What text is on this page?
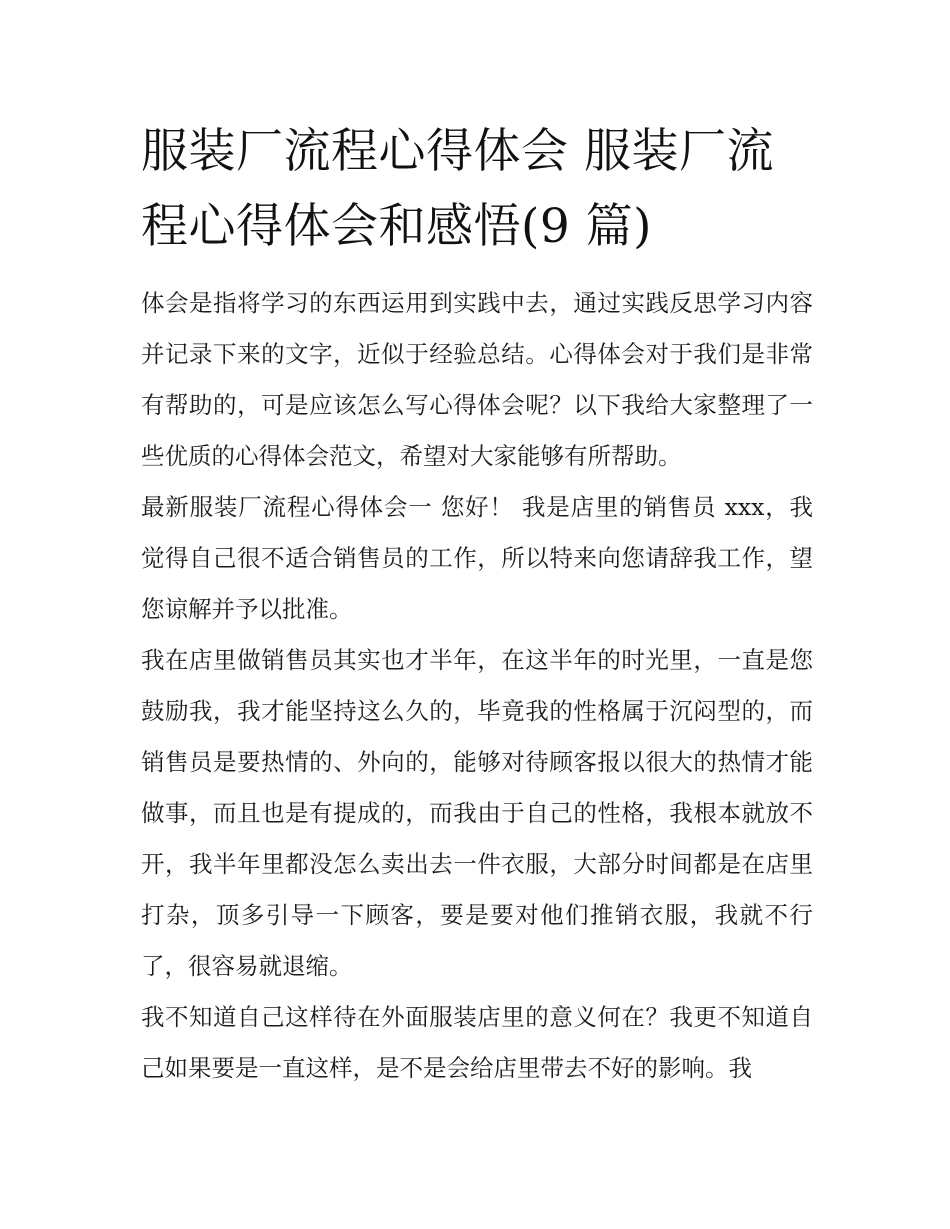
服装厂流程心得体会 服装厂流程心得体会和感悟(9 篇)

体会是指将学习的东西运用到实践中去，通过实践反思学习内容并记录下来的文字，近似于经验总结。心得体会对于我们是非常有帮助的，可是应该怎么写心得体会呢？以下我给大家整理了一些优质的心得体会范文，希望对大家能够有所帮助。

最新服装厂流程心得体会一 您好！ 我是店里的销售员 xxx，我觉得自己很不适合销售员的工作，所以特来向您请辞我工作，望您谅解并予以批准。

我在店里做销售员其实也才半年，在这半年的时光里，一直是您鼓励我，我才能坚持这么久的，毕竟我的性格属于沉闷型的，而销售员是要热情的、外向的，能够对待顾客报以很大的热情才能做事，而且也是有提成的，而我由于自己的性格，我根本就放不开，我半年里都没怎么卖出去一件衣服，大部分时间都是在店里打杂，顶多引导一下顾客，要是要对他们推销衣服，我就不行了，很容易就退缩。

我不知道自己这样待在外面服装店里的意义何在？我更不知道自己如果要是一直这样，是不是会给店里带去不好的影响。我
